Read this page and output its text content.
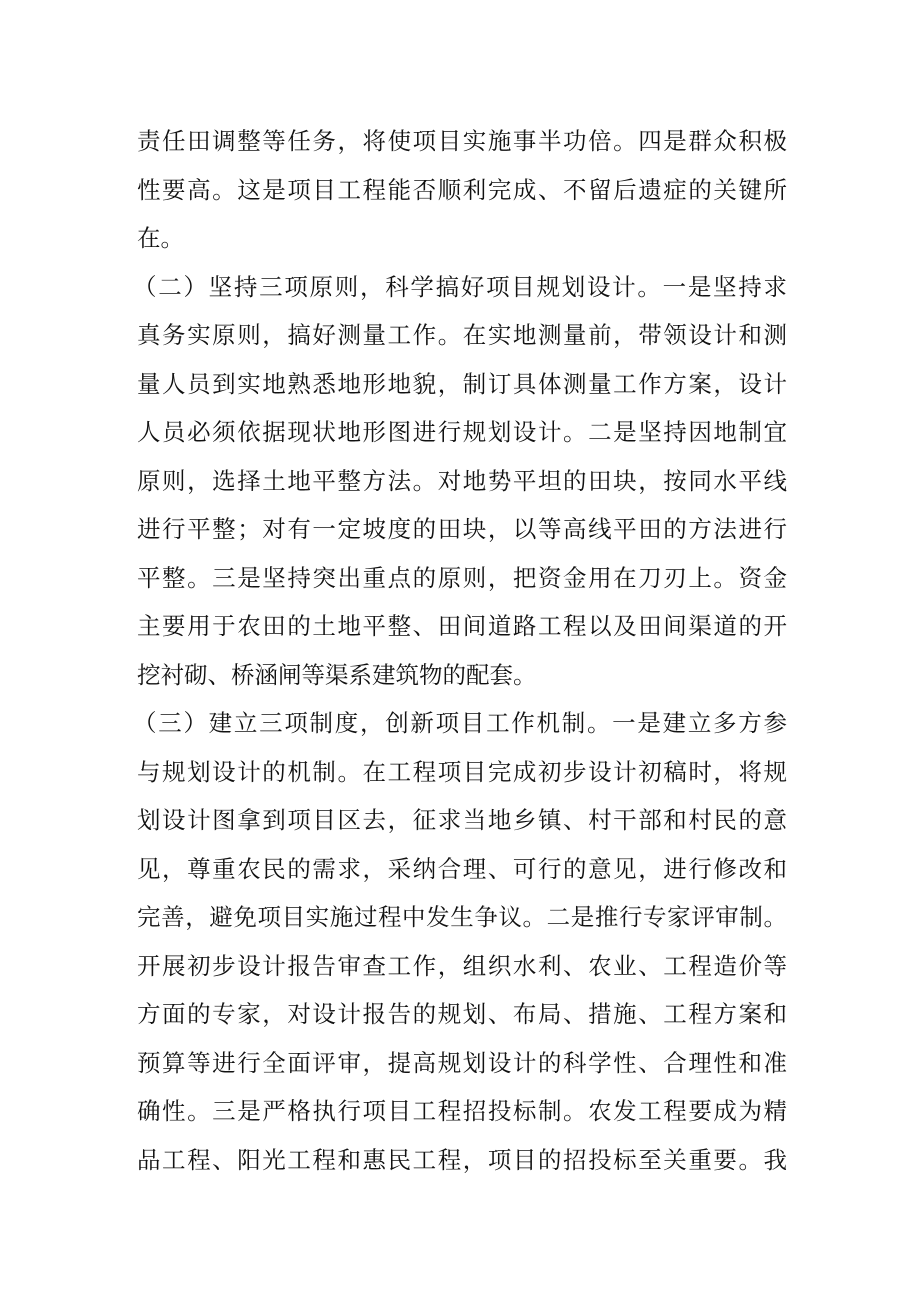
责任田调整等任务，将使项目实施事半功倍。四是群众积极
性要高。这是项目工程能否顺利完成、不留后遗症的关键所
在。
（二）坚持三项原则，科学搞好项目规划设计。一是坚持求
真务实原则，搞好测量工作。在实地测量前，带领设计和测
量人员到实地熟悉地形地貌，制订具体测量工作方案，设计
人员必须依据现状地形图进行规划设计。二是坚持因地制宜
原则，选择土地平整方法。对地势平坦的田块，按同水平线
进行平整；对有一定坡度的田块，以等高线平田的方法进行
平整。三是坚持突出重点的原则，把资金用在刀刃上。资金
主要用于农田的土地平整、田间道路工程以及田间渠道的开
挖衬砌、桥涵闸等渠系建筑物的配套。
（三）建立三项制度，创新项目工作机制。一是建立多方参
与规划设计的机制。在工程项目完成初步设计初稿时，将规
划设计图拿到项目区去，征求当地乡镇、村干部和村民的意
见，尊重农民的需求，采纳合理、可行的意见，进行修改和
完善，避免项目实施过程中发生争议。二是推行专家评审制。
开展初步设计报告审查工作，组织水利、农业、工程造价等
方面的专家，对设计报告的规划、布局、措施、工程方案和
预算等进行全面评审，提高规划设计的科学性、合理性和准
确性。三是严格执行项目工程招投标制。农发工程要成为精
品工程、阳光工程和惠民工程，项目的招投标至关重要。我
